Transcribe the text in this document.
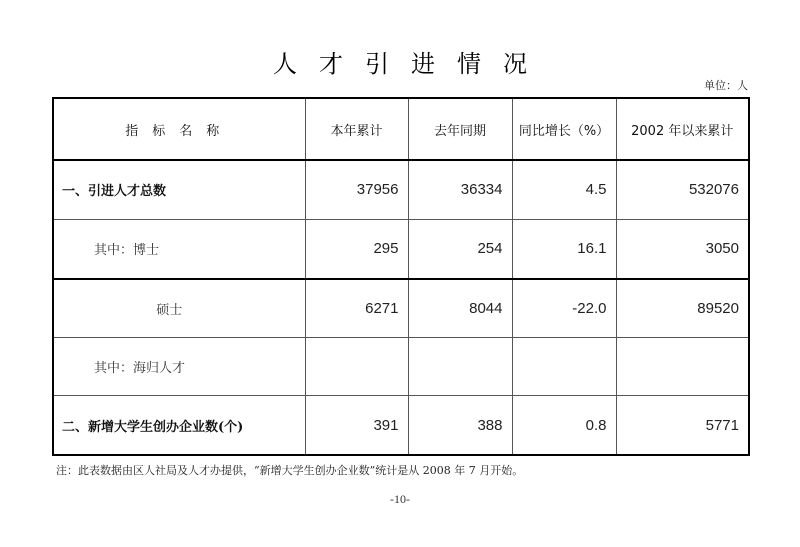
人才引进情况
单位：人
指标名称	本年累计	去年同期	同比增长（%）	2002 年以来累计
一、引进人才总数	37956	36334	4.5	532076
其中：博士	295	254	16.1	3050
硕士	6271	8044	-22.0	89520
其中：海归人才				
二、新增大学生创办企业数(个)	391	388	0.8	5771
注：此表数据由区人社局及人才办提供，“新增大学生创办企业数”统计是从 2008 年 7 月开始。
-10-
